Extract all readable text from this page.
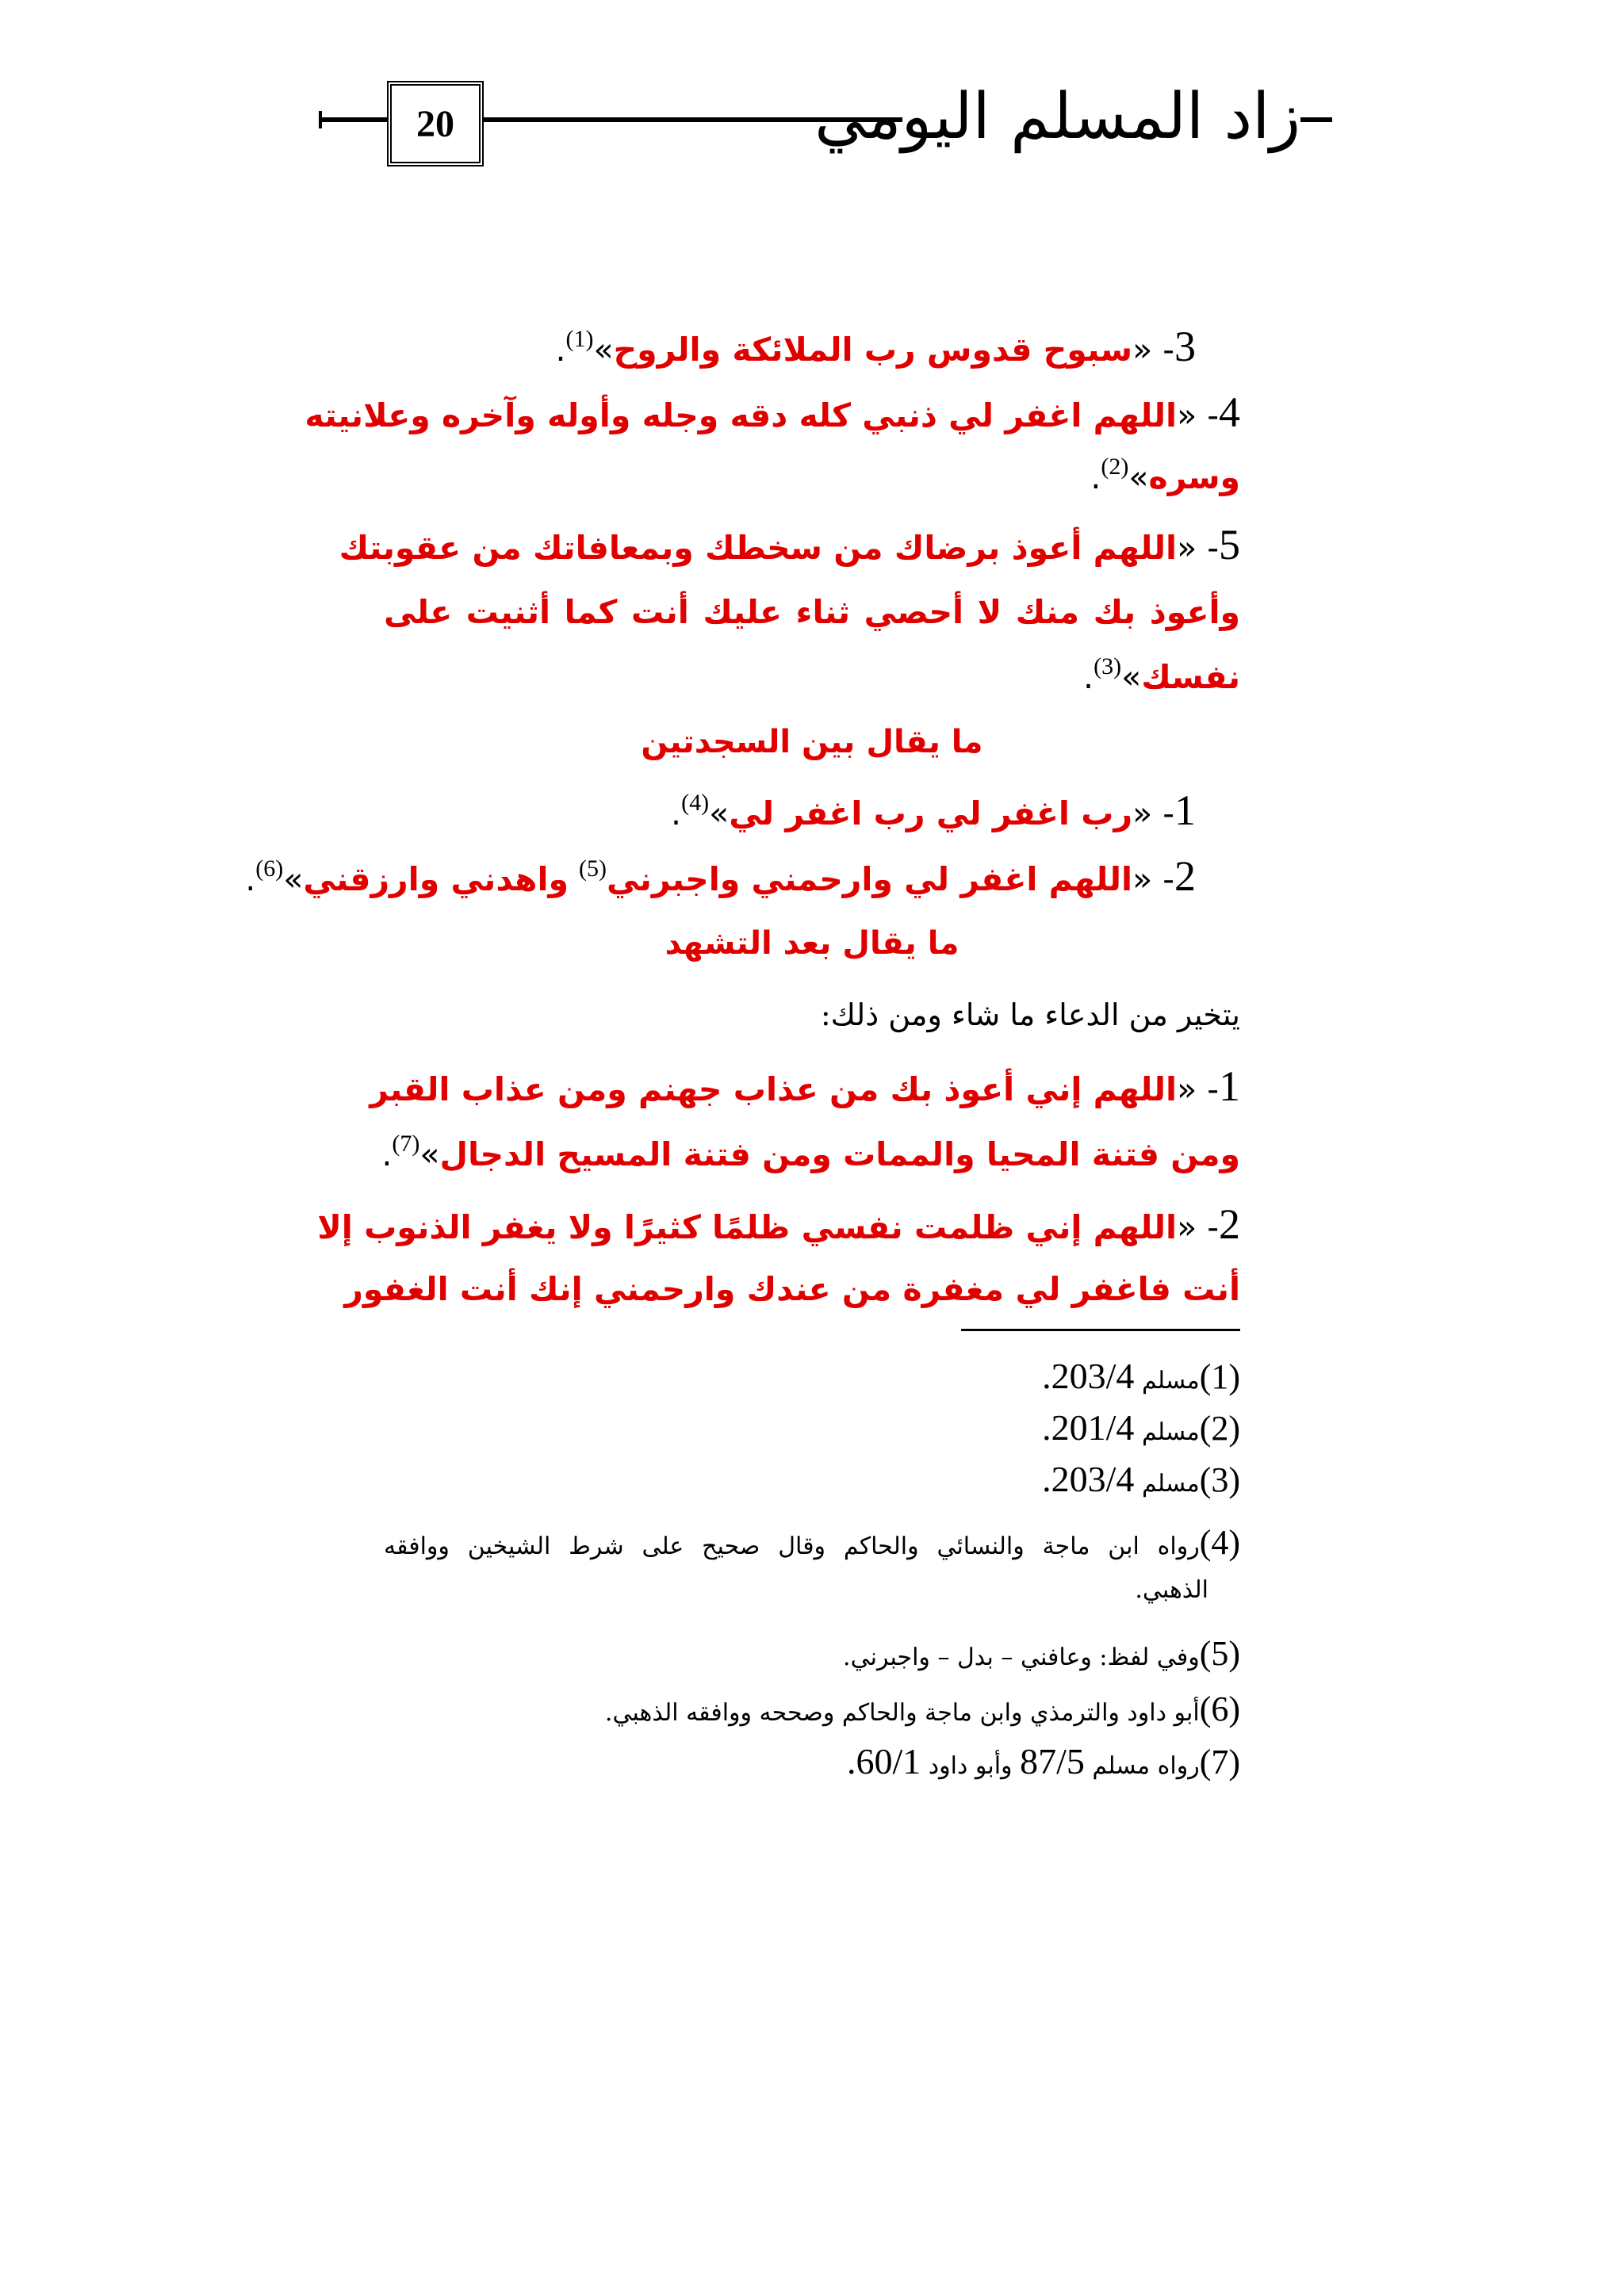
20	زاد المسلم اليومي
3- «سبوح قدوس رب الملائكة والروح»$^{(1)}$.
4- «اللهم اغفر لي ذنبي كله دقه وجله وأوله وآخره وعلانيته
وسره»$^{(2)}$.
5- «اللهم أعوذ برضاك من سخطك وبمعافاتك من عقوبتك
وأعوذ بك منك لا أحصي ثناء عليك أنت كما أثنيت على
نفسك»$^{(3)}$.
ما يقال بين السجدتين
1- «رب اغفر لي رب اغفر لي»$^{(4)}$.
2- «اللهم اغفر لي وارحمني واجبرني$^{(5)}$ واهدني وارزقني»$^{(6)}$.
ما يقال بعد التشهد
يتخير من الدعاء ما شاء ومن ذلك:
1- «اللهم إني أعوذ بك من عذاب جهنم ومن عذاب القبر
ومن فتنة المحيا والممات ومن فتنة المسيح الدجال»$^{(7)}$.
2- «اللهم إني ظلمت نفسي ظلمًا كثيرًا ولا يغفر الذنوب إلا
أنت فاغفر لي مغفرة من عندك وارحمني إنك أنت الغفور
(1)مسلم 203/4.
(2)مسلم 201/4.
(3)مسلم 203/4.
(4)رواه ابن ماجة والنسائي والحاكم وقال صحيح على شرط الشيخين ووافقه
الذهبي.
(5)وفي لفظ: وعافني – بدل – واجبرني.
(6)أبو داود والترمذي وابن ماجة والحاكم وصححه ووافقه الذهبي.
(7)رواه مسلم 87/5 وأبو داود 60/1.
